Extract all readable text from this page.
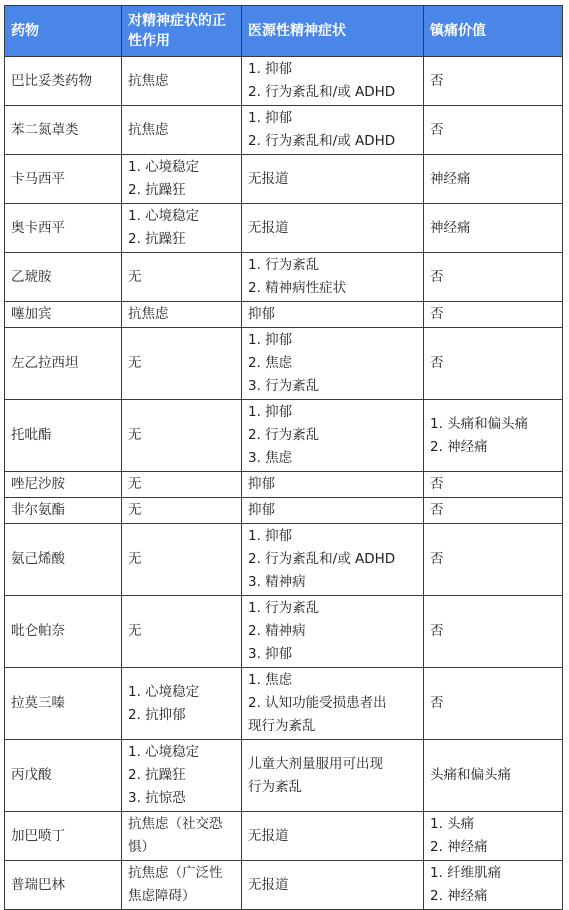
药物	对精神症状的正性作用	医源性精神症状	镇痛价值
巴比妥类药物	抗焦虑	1. 抑郁
2. 行为紊乱和/或 ADHD	否

苯二氮䓬类	抗焦虑	1. 抑郁
2. 行为紊乱和/或 ADHD	否

卡马西平	1. 心境稳定
2. 抗躁狂	无报道	神经痛

奥卡西平	1. 心境稳定
2. 抗躁狂	无报道	神经痛

乙琥胺	无	1. 行为紊乱
2. 精神病性症状	否

噻加宾	抗焦虑	抑郁	否

左乙拉西坦	无	1. 抑郁
2. 焦虑
3. 行为紊乱	否

托吡酯	无	1. 抑郁
2. 行为紊乱
3. 焦虑	1. 头痛和偏头痛
2. 神经痛

唑尼沙胺	无	抑郁	否

非尔氨酯	无	抑郁	否

氨己烯酸	无	1. 抑郁
2. 行为紊乱和/或 ADHD
3. 精神病	否

吡仑帕奈	无	1. 行为紊乱
2. 精神病
3. 抑郁	否

拉莫三嗪	1. 心境稳定
2. 抗抑郁	1. 焦虑
2. 认知功能受损患者出
现行为紊乱	否

丙戊酸	1. 心境稳定
2. 抗躁狂
3. 抗惊恐	儿童大剂量服用可出现
行为紊乱	头痛和偏头痛

加巴喷丁	抗焦虑（社交恐
惧）	无报道	1. 头痛
2. 神经痛

普瑞巴林	抗焦虑（广泛性
焦虑障碍）	无报道	1. 纤维肌痛
2. 神经痛
